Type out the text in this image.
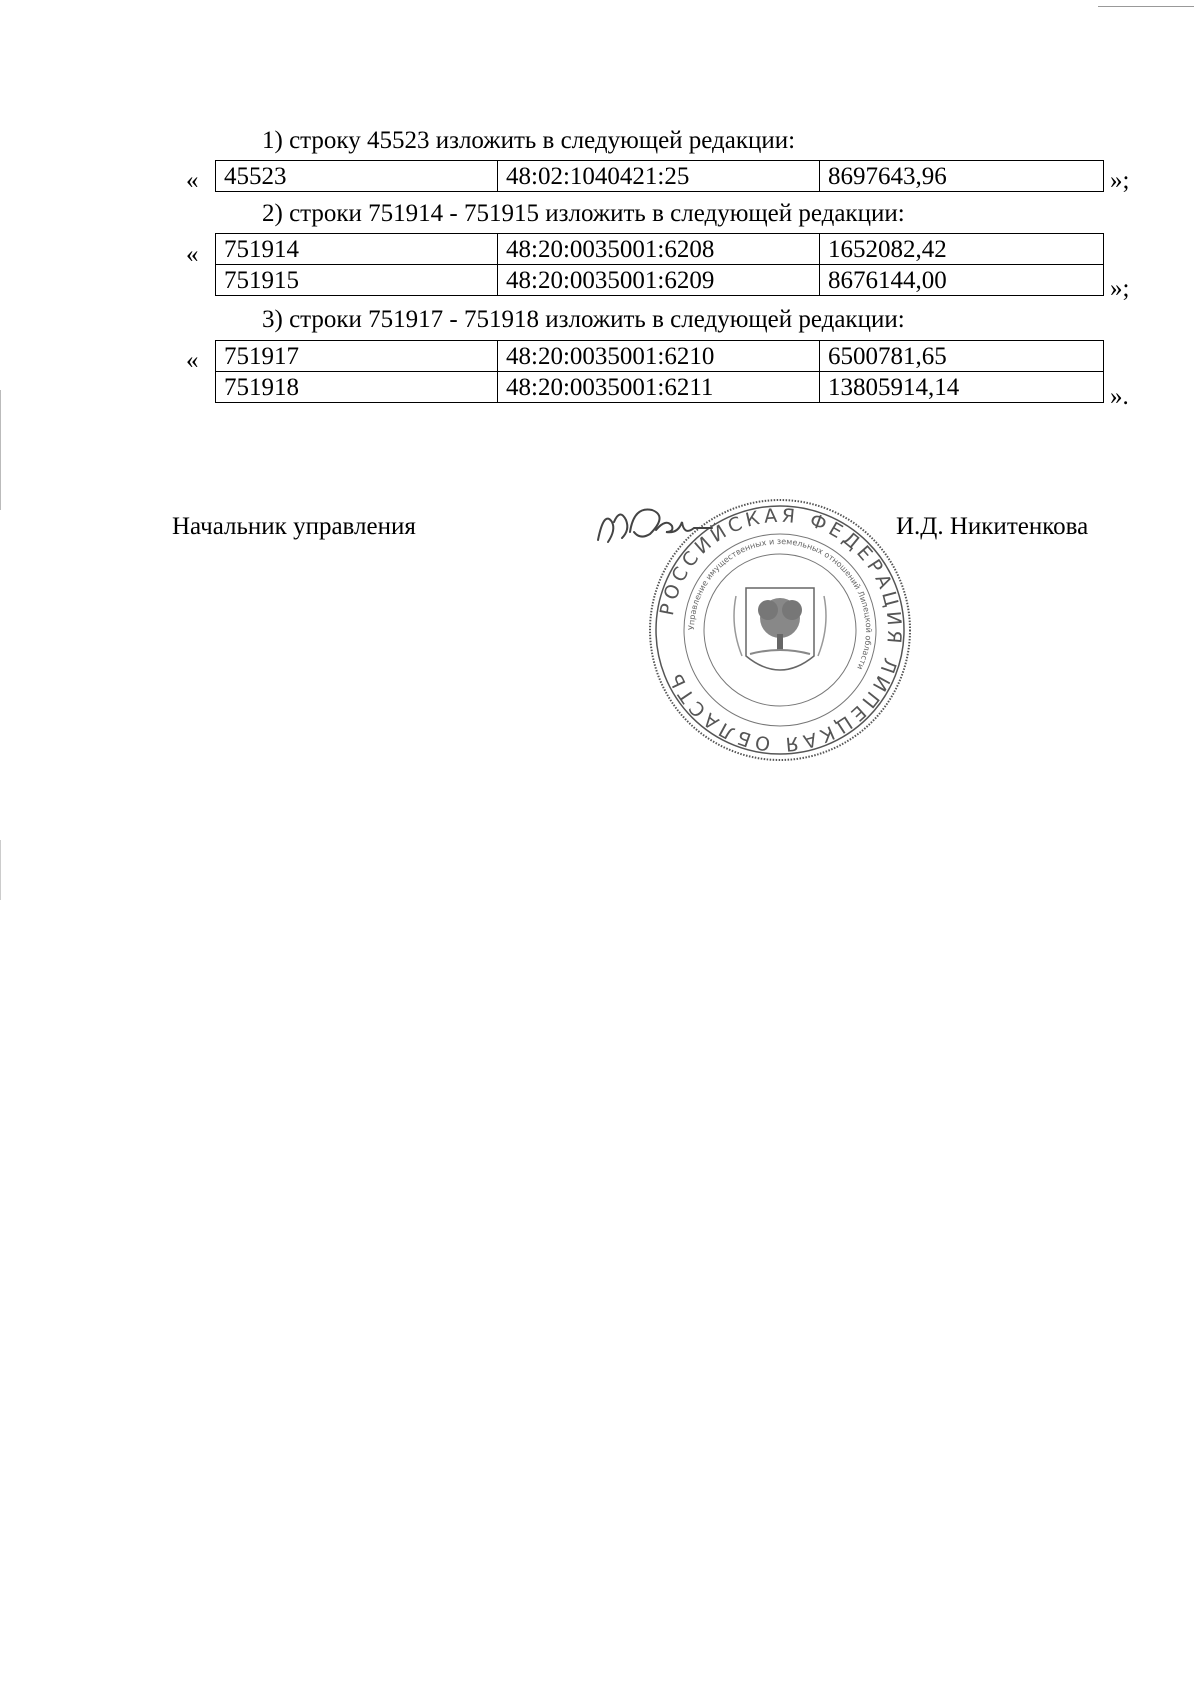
1) строку 45523 изложить в следующей редакции:
« 45523	48:02:1040421:25	8697643,96	»;
2) строки 751914 - 751915 изложить в следующей редакции:
« 751914	48:20:0035001:6208	1652082,42
751915	48:20:0035001:6209	8676144,00	»;
3) строки 751917 - 751918 изложить в следующей редакции:
« 751917	48:20:0035001:6210	6500781,65
751918	48:20:0035001:6211	13805914,14	».
Начальник управления
РОССИЙСКАЯ ФЕДЕРАЦИЯ ЛИПЕЦКАЯ ОБЛАСТЬ
Управление имущественных и земельных отношений Липецкой области
И.Д. Никитенкова
